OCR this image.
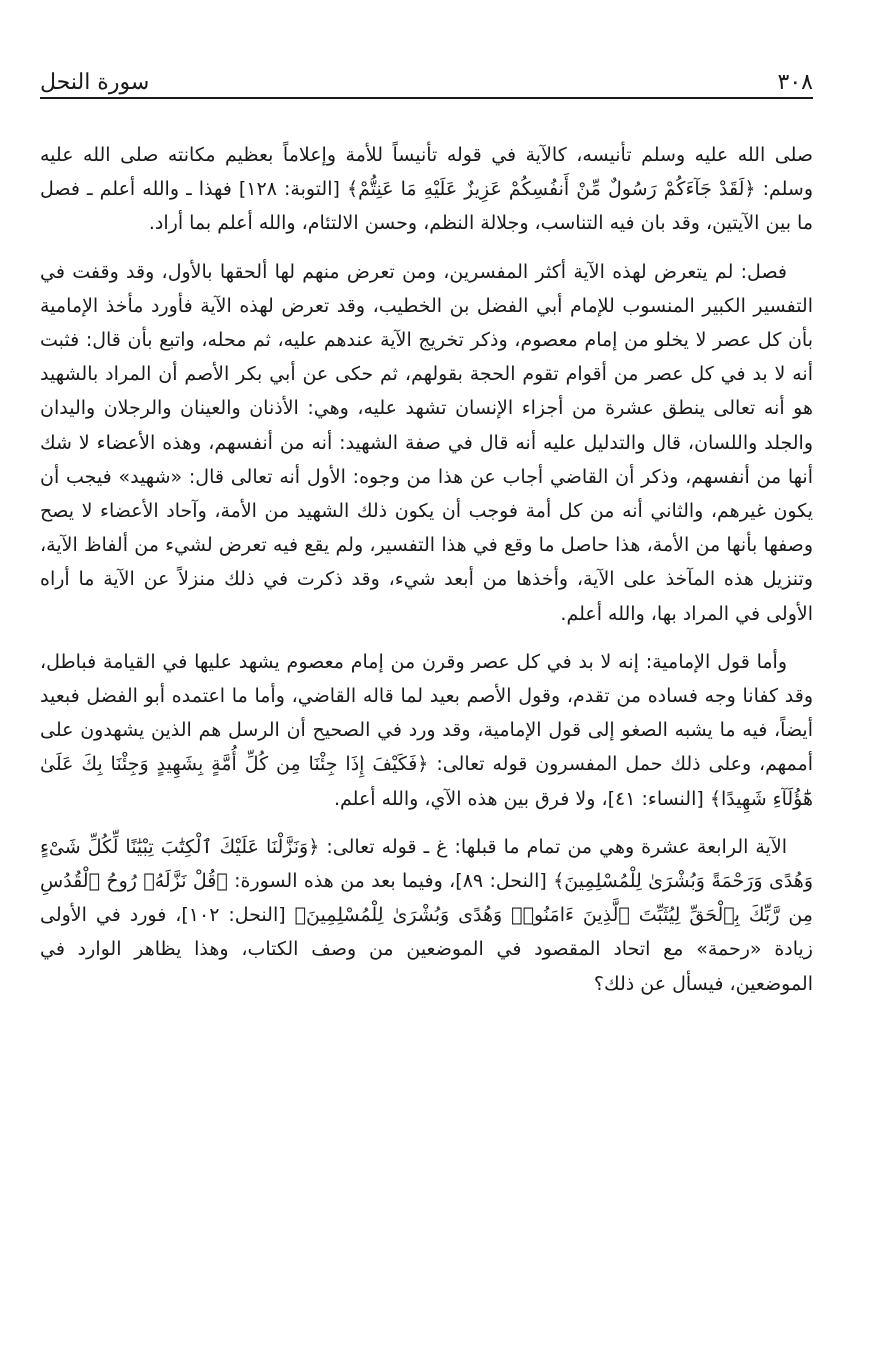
٣٠٨
سورة النحل

صلى الله عليه وسلم تأنيسه، كالآية في قوله تأنيساً للأمة وإعلاماً بعظيم مكانته صلى الله عليه وسلم: ﴿لَقَدْ جَآءَكُمْ رَسُولٌ مِّنْ أَنفُسِكُمْ عَزِيزٌ عَلَيْهِ مَا عَنِتُّمْ﴾ [التوبة: ١٢٨] فهذا ـ والله أعلم ـ فصل ما بين الآيتين، وقد بان فيه التناسب، وجلالة النظم، وحسن الالتئام، والله أعلم بما أراد.

فصل: لم يتعرض لهذه الآية أكثر المفسرين، ومن تعرض منهم لها ألحقها بالأول، وقد وقفت في التفسير الكبير المنسوب للإمام أبي الفضل بن الخطيب، وقد تعرض لهذه الآية فأورد مأخذ الإمامية بأن كل عصر لا يخلو من إمام معصوم، وذكر تخريج الآية عندهم عليه، ثم محله، واتبع بأن قال: فثبت أنه لا بد في كل عصر من أقوام تقوم الحجة بقولهم، ثم حكى عن أبي بكر الأصم أن المراد بالشهيد هو أنه تعالى ينطق عشرة من أجزاء الإنسان تشهد عليه، وهي: الأذنان والعينان والرجلان واليدان والجلد واللسان، قال والتدليل عليه أنه قال في صفة الشهيد: أنه من أنفسهم، وهذه الأعضاء لا شك أنها من أنفسهم، وذكر أن القاضي أجاب عن هذا من وجوه: الأول أنه تعالى قال: «شهيد» فيجب أن يكون غيرهم، والثاني أنه من كل أمة فوجب أن يكون ذلك الشهيد من الأمة، وآحاد الأعضاء لا يصح وصفها بأنها من الأمة، هذا حاصل ما وقع في هذا التفسير، ولم يقع فيه تعرض لشيء من ألفاظ الآية، وتنزيل هذه المآخذ على الآية، وأخذها من أبعد شيء، وقد ذكرت في ذلك منزلاً عن الآية ما أراه الأولى في المراد بها، والله أعلم.

وأما قول الإمامية: إنه لا بد في كل عصر وقرن من إمام معصوم يشهد عليها في القيامة فباطل، وقد كفانا وجه فساده من تقدم، وقول الأصم بعيد لما قاله القاضي، وأما ما اعتمده أبو الفضل فبعيد أيضاً، فيه ما يشبه الصغو إلى قول الإمامية، وقد ورد في الصحيح أن الرسل هم الذين يشهدون على أممهم، وعلى ذلك حمل المفسرون قوله تعالى: ﴿فَكَيْفَ إِذَا جِئْنَا مِن كُلِّ أُمَّةٍ بِشَهِيدٍ وَجِئْنَا بِكَ عَلَىٰ هَٰٓؤُلَآءِ شَهِيدًا﴾ [النساء: ٤١]، ولا فرق بين هذه الآي، والله أعلم.

الآية الرابعة عشرة وهي من تمام ما قبلها: غ ـ قوله تعالى: ﴿وَنَزَّلْنَا عَلَيْكَ ٱلْكِتَٰبَ تِبْيَٰنًا لِّكُلِّ شَىْءٍ وَهُدًى وَرَحْمَةً وَبُشْرَىٰ لِلْمُسْلِمِينَ﴾ [النحل: ٨٩]، وفيما بعد من هذه السورة: ﴿قُلْ نَزَّلَهُۥ رُوحُ ٱلْقُدُسِ مِن رَّبِّكَ بِٱلْحَقِّ لِيُثَبِّتَ ٱلَّذِينَ ءَامَنُوا۟ وَهُدًى وَبُشْرَىٰ لِلْمُسْلِمِينَ﴾ [النحل: ١٠٢]، فورد في الأولى زيادة «رحمة» مع اتحاد المقصود في الموضعين من وصف الكتاب، وهذا يظاهر الوارد في الموضعين، فيسأل عن ذلك؟
